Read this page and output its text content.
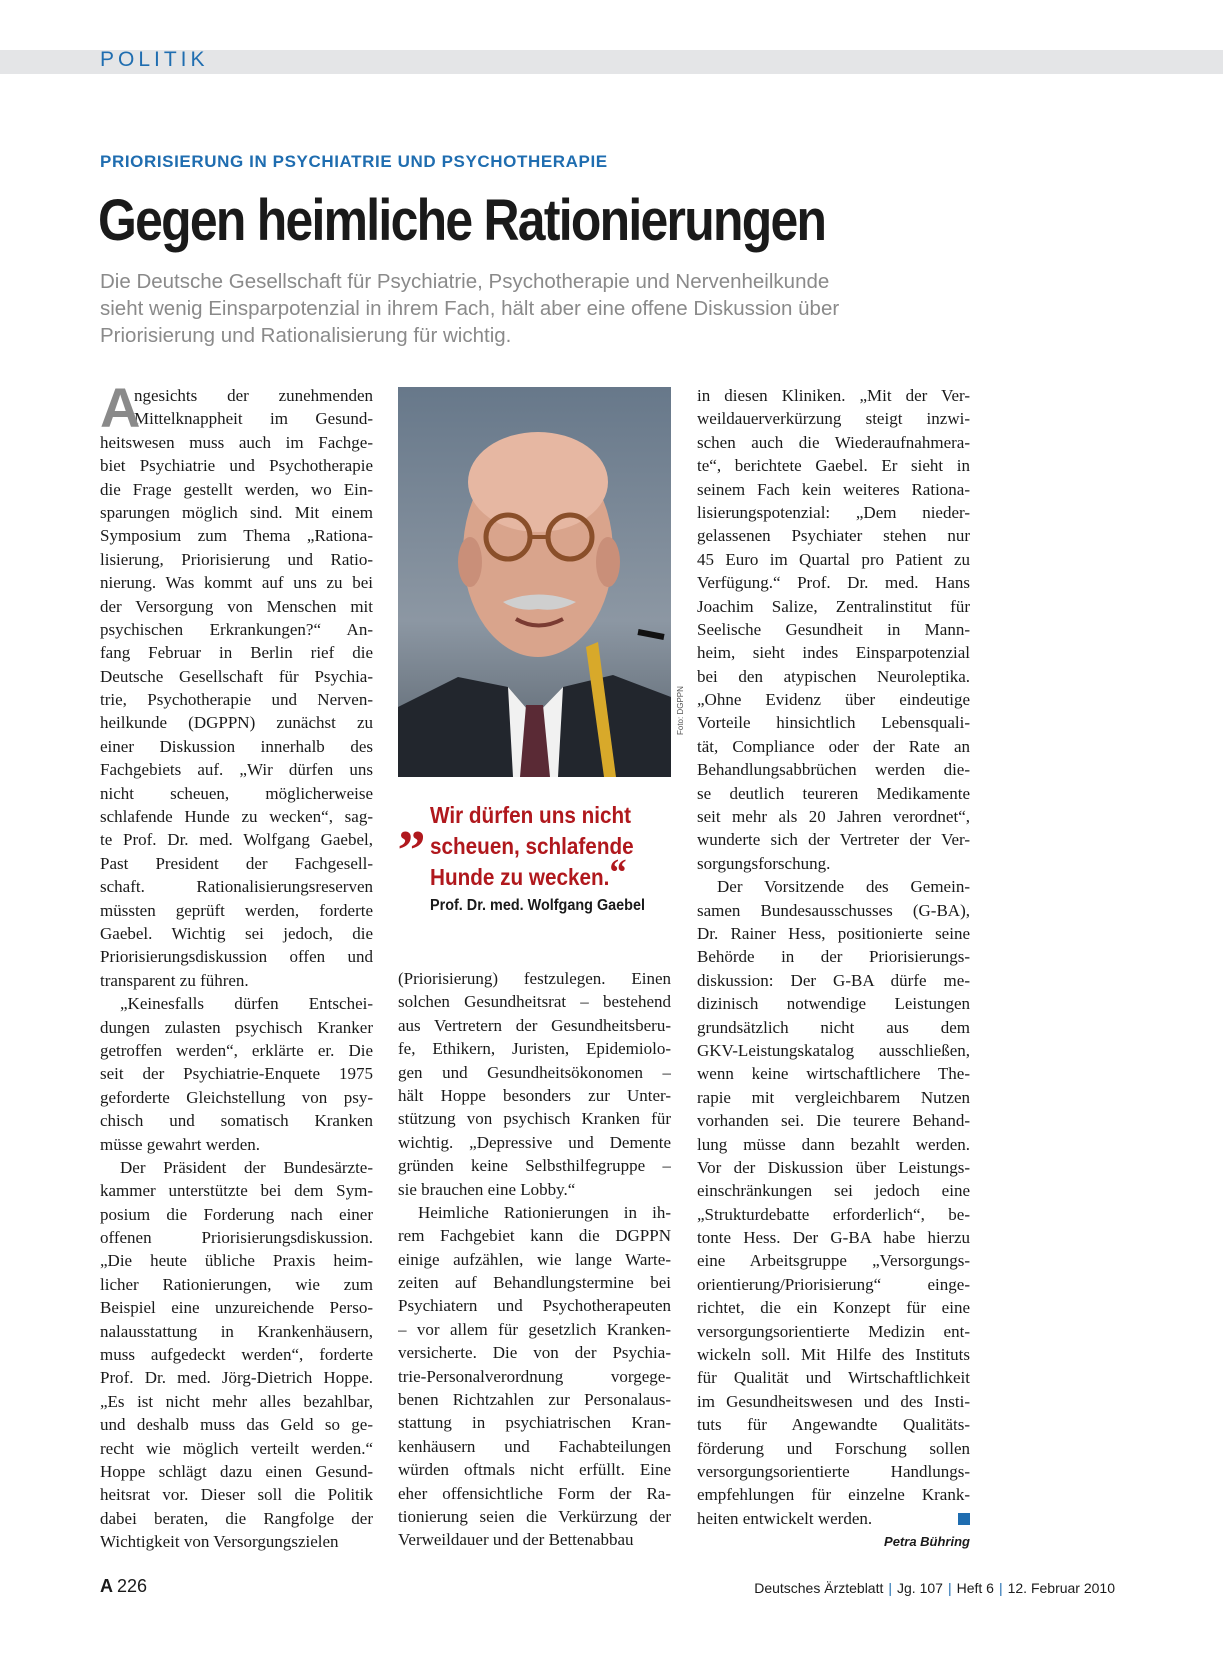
POLITIK
PRIORISIERUNG IN PSYCHIATRIE UND PSYCHOTHERAPIE
Gegen heimliche Rationierungen
Die Deutsche Gesellschaft für Psychiatrie, Psychotherapie und Nervenheilkunde
sieht wenig Einsparpotenzial in ihrem Fach, hält aber eine offene Diskussion über
Priorisierung und Rationalisierung für wichtig.
A
ngesichts der zunehmenden
Mittelknappheit im Gesund-
heitswesen muss auch im Fachge-
biet Psychiatrie und Psychotherapie
die Frage gestellt werden, wo Ein-
sparungen möglich sind. Mit einem
Symposium zum Thema „Rationa-
lisierung, Priorisierung und Ratio-
nierung. Was kommt auf uns zu bei
der Versorgung von Menschen mit
psychischen Erkrankungen?“ An-
fang Februar in Berlin rief die
Deutsche Gesellschaft für Psychia-
trie, Psychotherapie und Nerven-
heilkunde (DGPPN) zunächst zu
einer Diskussion innerhalb des
Fachgebiets auf. „Wir dürfen uns
nicht scheuen, möglicherweise
schlafende Hunde zu wecken“, sag-
te Prof. Dr. med. Wolfgang Gaebel,
Past President der Fachgesell-
schaft. Rationalisierungsreserven
müssten geprüft werden, forderte
Gaebel. Wichtig sei jedoch, die
Priorisierungsdiskussion offen und
transparent zu führen.
„Keinesfalls dürfen Entschei-
dungen zulasten psychisch Kranker
getroffen werden“, erklärte er. Die
seit der Psychiatrie-Enquete 1975
geforderte Gleichstellung von psy-
chisch und somatisch Kranken
müsse gewahrt werden.
Der Präsident der Bundesärzte-
kammer unterstützte bei dem Sym-
posium die Forderung nach einer
offenen Priorisierungsdiskussion.
„Die heute übliche Praxis heim-
licher Rationierungen, wie zum
Beispiel eine unzureichende Perso-
nalausstattung in Krankenhäusern,
muss aufgedeckt werden“, forderte
Prof. Dr. med. Jörg-Dietrich Hoppe.
„Es ist nicht mehr alles bezahlbar,
und deshalb muss das Geld so ge-
recht wie möglich verteilt werden.“
Hoppe schlägt dazu einen Gesund-
heitsrat vor. Dieser soll die Politik
dabei beraten, die Rangfolge der
Wichtigkeit von Versorgungszielen
Foto: DGPPN
„ Wir dürfen uns nicht
scheuen, schlafende
Hunde zu wecken.“
Prof. Dr. med. Wolfgang Gaebel
(Priorisierung) festzulegen. Einen
solchen Gesundheitsrat – bestehend
aus Vertretern der Gesundheitsberu-
fe, Ethikern, Juristen, Epidemiolo-
gen und Gesundheitsökonomen –
hält Hoppe besonders zur Unter-
stützung von psychisch Kranken für
wichtig. „Depressive und Demente
gründen keine Selbsthilfegruppe –
sie brauchen eine Lobby.“
Heimliche Rationierungen in ih-
rem Fachgebiet kann die DGPPN
einige aufzählen, wie lange Warte-
zeiten auf Behandlungstermine bei
Psychiatern und Psychotherapeuten
– vor allem für gesetzlich Kranken-
versicherte. Die von der Psychia-
trie-Personalverordnung vorgege-
benen Richtzahlen zur Personalaus-
stattung in psychiatrischen Kran-
kenhäusern und Fachabteilungen
würden oftmals nicht erfüllt. Eine
eher offensichtliche Form der Ra-
tionierung seien die Verkürzung der
Verweildauer und der Bettenabbau
in diesen Kliniken. „Mit der Ver-
weildauerverkürzung steigt inzwi-
schen auch die Wiederaufnahmera-
te“, berichtete Gaebel. Er sieht in
seinem Fach kein weiteres Rationa-
lisierungspotenzial: „Dem nieder-
gelassenen Psychiater stehen nur
45 Euro im Quartal pro Patient zu
Verfügung.“ Prof. Dr. med. Hans
Joachim Salize, Zentralinstitut für
Seelische Gesundheit in Mann-
heim, sieht indes Einsparpotenzial
bei den atypischen Neuroleptika.
„Ohne Evidenz über eindeutige
Vorteile hinsichtlich Lebensquali-
tät, Compliance oder der Rate an
Behandlungsabbrüchen werden die-
se deutlich teureren Medikamente
seit mehr als 20 Jahren verordnet“,
wunderte sich der Vertreter der Ver-
sorgungsforschung.
Der Vorsitzende des Gemein-
samen Bundesausschusses (G-BA),
Dr. Rainer Hess, positionierte seine
Behörde in der Priorisierungs-
diskussion: Der G-BA dürfe me-
dizinisch notwendige Leistungen
grundsätzlich nicht aus dem
GKV-Leistungskatalog ausschließen,
wenn keine wirtschaftlichere The-
rapie mit vergleichbarem Nutzen
vorhanden sei. Die teurere Behand-
lung müsse dann bezahlt werden.
Vor der Diskussion über Leistungs-
einschränkungen sei jedoch eine
„Strukturdebatte erforderlich“, be-
tonte Hess. Der G-BA habe hierzu
eine Arbeitsgruppe „Versorgungs-
orientierung/Priorisierung“ einge-
richtet, die ein Konzept für eine
versorgungsorientierte Medizin ent-
wickeln soll. Mit Hilfe des Instituts
für Qualität und Wirtschaftlichkeit
im Gesundheitswesen und des Insti-
tuts für Angewandte Qualitäts-
förderung und Forschung sollen
versorgungsorientierte Handlungs-
empfehlungen für einzelne Krank-
heiten entwickelt werden.
Petra Bühring
A 226	Deutsches Ärzteblatt | Jg. 107 | Heft 6 | 12. Februar 2010
